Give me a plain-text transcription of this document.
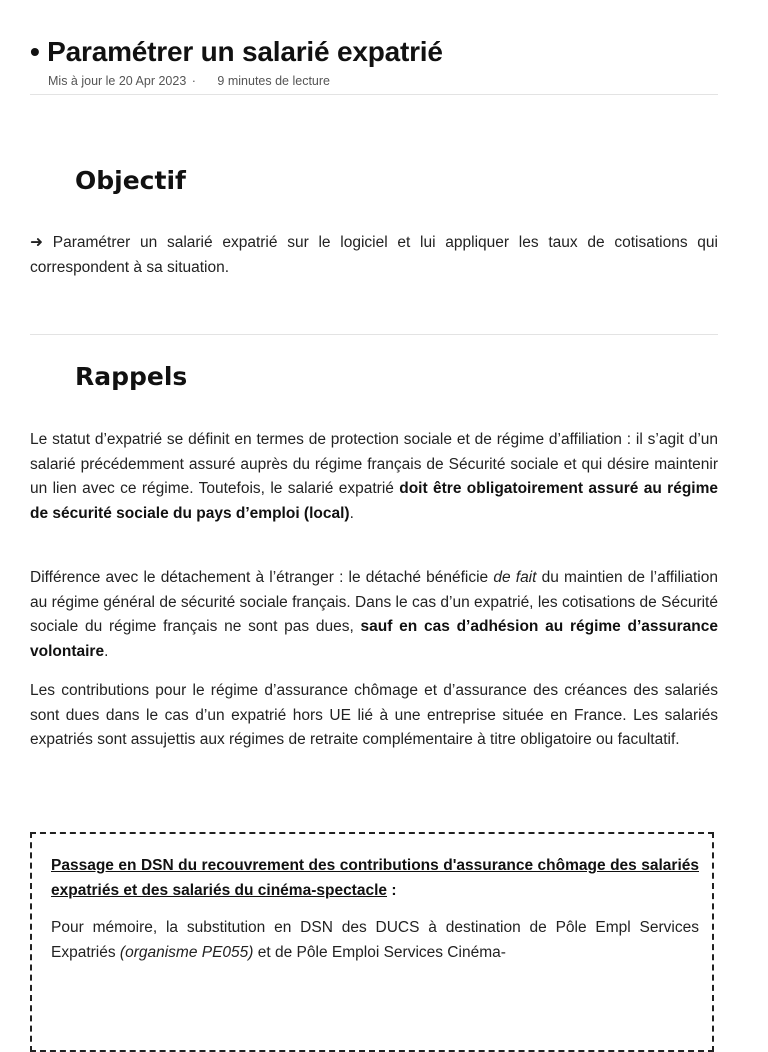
• Paramétrer un salarié expatrié
Mis à jour le 20 Apr 2023 · 9 minutes de lecture
Objectif

➜ Paramétrer un salarié expatrié sur le logiciel et lui appliquer les taux de cotisations qui correspondent à sa situation.

Rappels

Le statut d’expatrié se définit en termes de protection sociale et de régime d’affiliation : il s’agit d’un salarié précédemment assuré auprès du régime français de Sécurité sociale et qui désire maintenir un lien avec ce régime. Toutefois, le salarié expatrié doit être obligatoirement assuré au régime de sécurité sociale du pays d’emploi (local).

Différence avec le détachement à l’étranger : le détaché bénéficie de fait du maintien de l’affiliation au régime général de sécurité sociale français. Dans le cas d’un expatrié, les cotisations de Sécurité sociale du régime français ne sont pas dues, sauf en cas d’adhésion au régime d’assurance volontaire.

Les contributions pour le régime d’assurance chômage et d’assurance des créances des salariés sont dues dans le cas d’un expatrié hors UE lié à une entreprise située en France. Les salariés expatriés sont assujettis aux régimes de retraite complémentaire à titre obligatoire ou facultatif.

Passage en DSN du recouvrement des contributions d'assurance chômage des salariés expatriés et des salariés du cinéma-spectacle :

Pour mémoire, la substitution en DSN des DUCS à destination de Pôle Empl Services Expatriés (organisme PE055) et de Pôle Emploi Services Cinéma-
